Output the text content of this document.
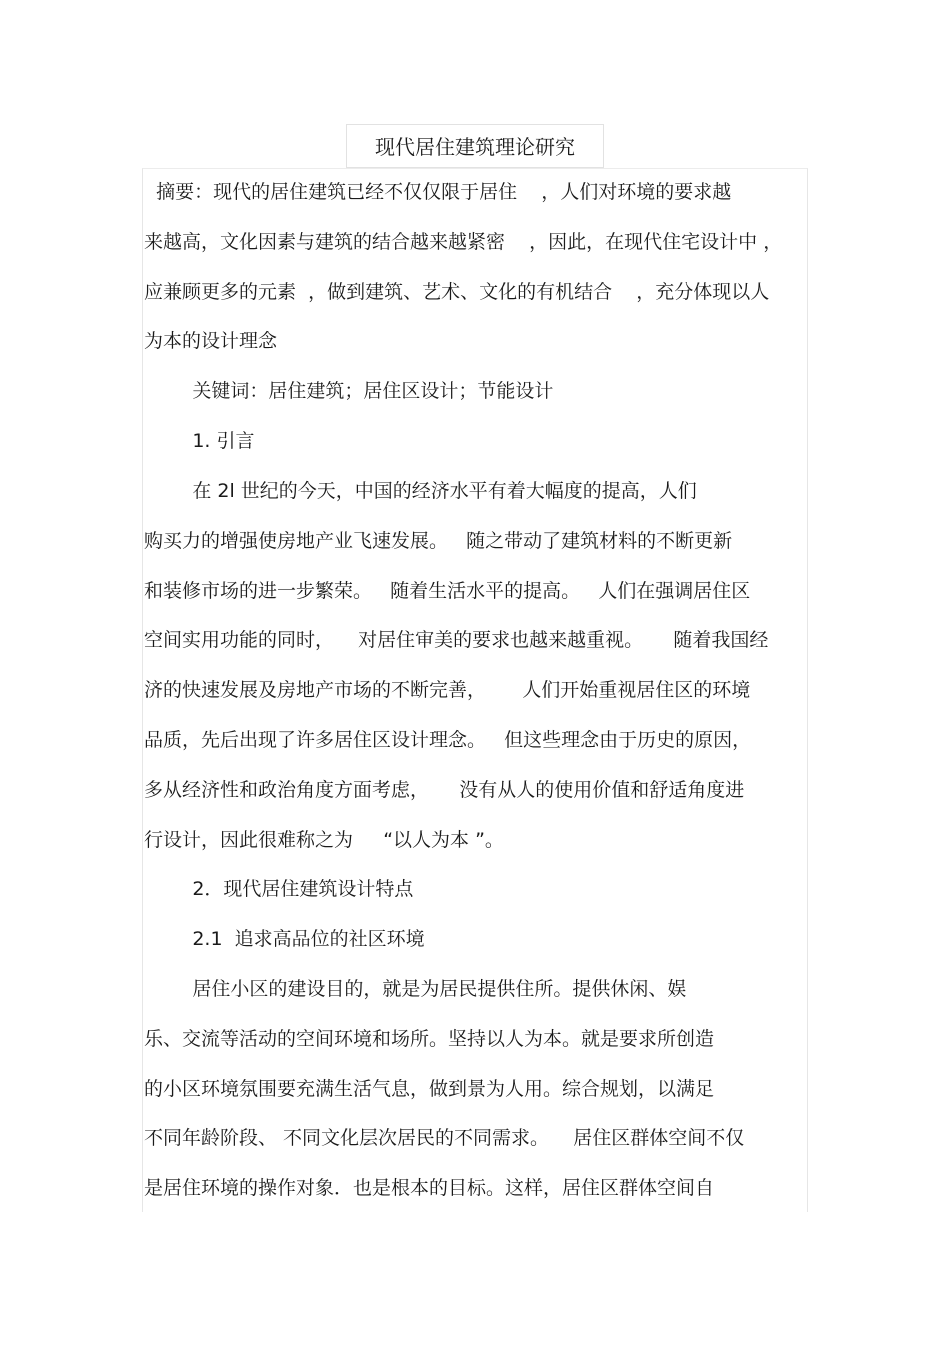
现代居住建筑理论研究

摘要：现代的居住建筑已经不仅仅限于居住    ，人们对环境的要求越

来越高，文化因素与建筑的结合越来越紧密    ，因此，在现代住宅设计中 ，

应兼顾更多的元素  ，做到建筑、艺术、文化的有机结合    ，充分体现以人

为本的设计理念

关键词：居住建筑；居住区设计；节能设计

1. 引言

在 2l 世纪的今天，中国的经济水平有着大幅度的提高，人们

购买力的增强使房地产业飞速发展。   随之带动了建筑材料的不断更新

和装修市场的进一步繁荣。   随着生活水平的提高。   人们在强调居住区

空间实用功能的同时，    对居住审美的要求也越来越重视。     随着我国经

济的快速发展及房地产市场的不断完善，      人们开始重视居住区的环境

品质，先后出现了许多居住区设计理念。   但这些理念由于历史的原因，

多从经济性和政治角度方面考虑，     没有从人的使用价值和舒适角度进

行设计，因此很难称之为     “以人为本 ”。

2．现代居住建筑设计特点

2.1  追求高品位的社区环境

居住小区的建设目的，就是为居民提供住所。提供休闲、娱

乐、交流等活动的空间环境和场所。坚持以人为本。就是要求所创造

的小区环境氛围要充满生活气息，做到景为人用。综合规划，以满足

不同年龄阶段、 不同文化层次居民的不同需求。    居住区群体空间不仅

是居住环境的操作对象．也是根本的目标。这样，居住区群体空间自
